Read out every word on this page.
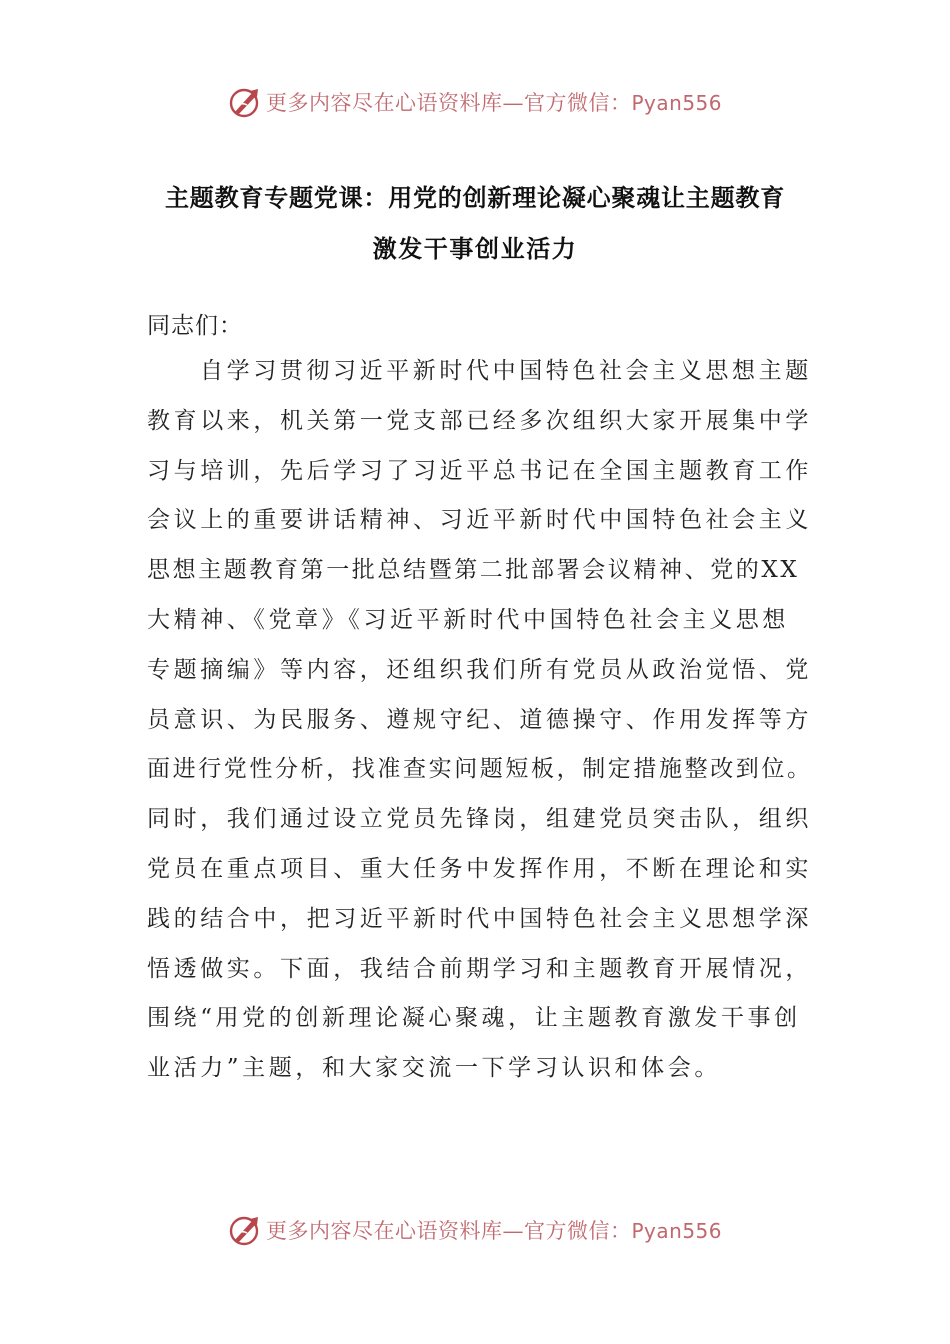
更多内容尽在心语资料库—官方微信：Pyan556
主题教育专题党课：用党的创新理论凝心聚魂让主题教育
激发干事创业活力
同志们：
自学习贯彻习近平新时代中国特色社会主义思想主题
教育以来，机关第一党支部已经多次组织大家开展集中学
习与培训，先后学习了习近平总书记在全国主题教育工作
会议上的重要讲话精神、习近平新时代中国特色社会主义
思想主题教育第一批总结暨第二批部署会议精神、党的XX
大精神、《党章》《习近平新时代中国特色社会主义思想
专题摘编》等内容，还组织我们所有党员从政治觉悟、党
员意识、为民服务、遵规守纪、道德操守、作用发挥等方
面进行党性分析，找准查实问题短板，制定措施整改到位。
同时，我们通过设立党员先锋岗，组建党员突击队，组织
党员在重点项目、重大任务中发挥作用，不断在理论和实
践的结合中，把习近平新时代中国特色社会主义思想学深
悟透做实。下面，我结合前期学习和主题教育开展情况，
围绕“用党的创新理论凝心聚魂，让主题教育激发干事创
业活力”主题，和大家交流一下学习认识和体会。
更多内容尽在心语资料库—官方微信：Pyan556
